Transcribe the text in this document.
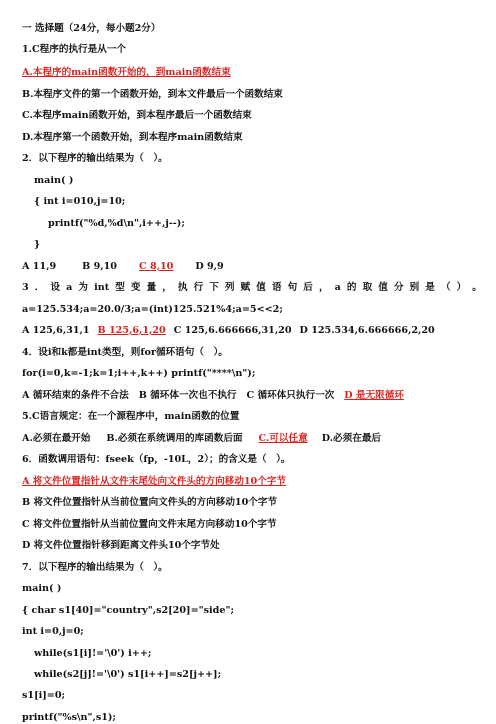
一 选择题（24分，每小题2分）
1.C程序的执行是从一个
A.本程序的main函数开始的，到main函数结束
B.本程序文件的第一个函数开始，到本文件最后一个函数结束
C.本程序main函数开始，到本程序最后一个函数结束
D.本程序第一个函数开始，到本程序main函数结束
2．以下程序的输出结果为（　）。
main( )
{ int i=010,j=10;
printf("%d,%d\n",i++,j--);
}
A 11,9	B 9,10 C 8,10 D 9,9
3 ． 设 a 为 int 型 变 量 ， 执 行 下 列 赋 值 语 句 后 ， a 的 取 值 分 别 是 （ ） 。
a=125.534;a=20.0/3;a=(int)125.521%4;a=5<<2;
A 125,6,31,1 B 125,6,1,20 C 125,6.666666,31,20 D 125.534,6.666666,2,20
4．设i和k都是int类型，则for循环语句（　）。
for(i=0,k=-1;k=1;i++,k++) printf("****\n");
A 循环结束的条件不合法 B 循环体一次也不执行 C 循环体只执行一次 D 是无限循环
5.C语言规定：在一个源程序中，main函数的位置
A.必须在最开始 B.必须在系统调用的库函数后面 C.可以任意 D.必须在最后
6．函数调用语句：fseek（fp，-10L，2）；的含义是（　）。
A 将文件位置指针从文件末尾处向文件头的方向移动10个字节
B 将文件位置指针从当前位置向文件头的方向移动10个字节
C 将文件位置指针从当前位置向文件末尾方向移动10个字节
D 将文件位置指针移到距离文件头10个字节处
7．以下程序的输出结果为（　）。
main( )
{ char s1[40]="country",s2[20]="side";
int i=0,j=0;
while(s1[i]!='\0') i++;
while(s2[j]!='\0') s1[i++]=s2[j++];
s1[i]=0;
printf("%s\n",s1);
